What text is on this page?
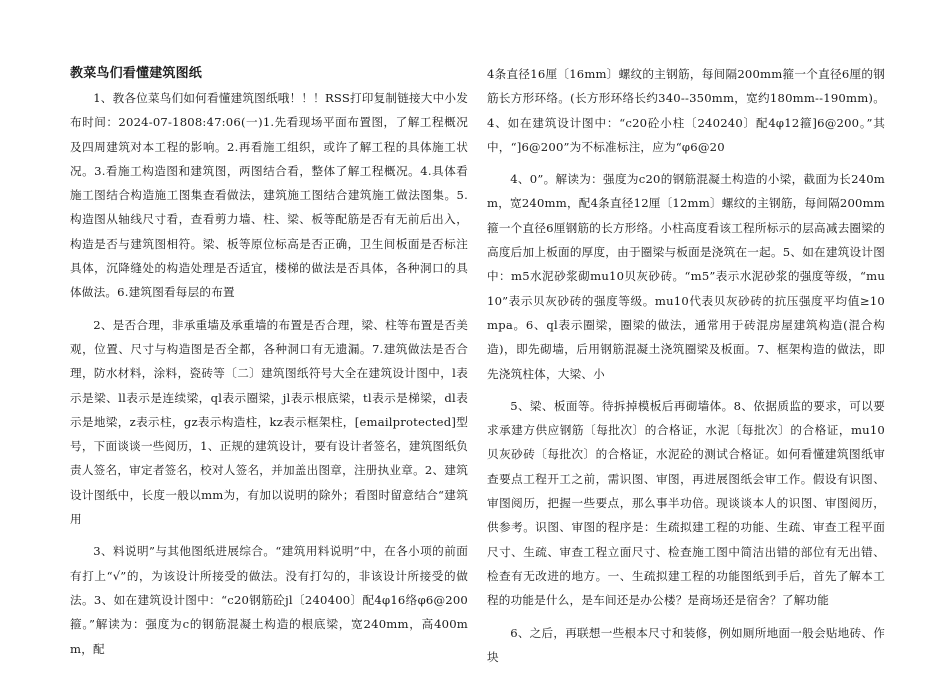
教菜鸟们看懂建筑图纸

1、教各位菜鸟们如何看懂建筑图纸哦！！！RSS打印复制链接大中小发布时间：2024-07-1808:47:06(一)1.先看现场平面布置图，了解工程概况及四周建筑对本工程的影响。2.再看施工组织，或许了解工程的具体施工状况。3.看施工构造图和建筑图，两图结合看，整体了解工程概况。4.具体看施工图结合构造施工图集查看做法，建筑施工图结合建筑施工做法图集。5.构造图从轴线尺寸看，查看剪力墙、柱、梁、板等配筋是否有无前后出入，构造是否与建筑图相符。梁、板等原位标高是否正确，卫生间板面是否标注具体，沉降缝处的构造处理是否适宜，楼梯的做法是否具体，各种洞口的具体做法。6.建筑图看每层的布置

2、是否合理，非承重墙及承重墙的布置是否合理，梁、柱等布置是否美观，位置、尺寸与构造图是否全都，各种洞口有无遗漏。7.建筑做法是否合理，防水材料，涂料，瓷砖等〔二〕建筑图纸符号大全在建筑设计图中，l表示是梁、ll表示是连续梁，ql表示圈梁，jl表示根底梁，tl表示是梯梁，dl表示是地梁，z表示柱，gz表示构造柱，kz表示框架柱，[emailprotected]型号，下面谈谈一些阅历，1、正规的建筑设计，要有设计者签名，建筑图纸负责人签名，审定者签名，校对人签名，并加盖出图章，注册执业章。2、建筑设计图纸中，长度一般以mm为，有加以说明的除外；看图时留意结合“建筑用

3、料说明”与其他图纸进展综合。“建筑用料说明”中，在各小项的前面有打上“√”的，为该设计所接受的做法。没有打勾的，非该设计所接受的做法。3、如在建筑设计图中：“c20钢筋砼jl〔240400〕配4φ16络φ6@200箍。”解读为：强度为c的钢筋混凝土构造的根底梁，宽240mm，高400mm，配

4条直径16厘〔16mm〕螺纹的主钢筋，每间隔200mm箍一个直径6厘的钢筋长方形环络。(长方形环络长约340--350mm，宽约180mm--190mm)。4、如在建筑设计图中：“c20砼小柱〔240240〕配4φ12箍]6@200。”其中，“]6@200”为不标准标注，应为“φ6@20

4、0”。解读为：强度为c20的钢筋混凝土构造的小梁，截面为长240mm，宽240mm，配4条直径12厘〔12mm〕螺纹的主钢筋，每间隔200mm箍一个直径6厘钢筋的长方形络。小柱高度看该工程所标示的层高减去圈梁的高度后加上板面的厚度，由于圈梁与板面是浇筑在一起。5、如在建筑设计图中：m5水泥砂浆砌mu10贝灰砂砖。“m5”表示水泥砂浆的强度等级，“mu10”表示贝灰砂砖的强度等级。mu10代表贝灰砂砖的抗压强度平均值≥10mpa。6、ql表示圈梁，圈梁的做法，通常用于砖混房屋建筑构造(混合构造)，即先砌墙，后用钢筋混凝土浇筑圈梁及板面。7、框架构造的做法，即先浇筑柱体，大梁、小

5、梁、板面等。待拆掉模板后再砌墙体。8、依据质监的要求，可以要求承建方供应钢筋〔每批次〕的合格证，水泥〔每批次〕的合格证，mu10贝灰砂砖〔每批次〕的合格证，水泥砼的测试合格证。如何看懂建筑图纸审查要点工程开工之前，需识图、审图，再进展图纸会审工作。假设有识图、审图阅历，把握一些要点，那么事半功倍。现谈谈本人的识图、审图阅历，供参考。识图、审图的程序是：生疏拟建工程的功能、生疏、审查工程平面尺寸、生疏、审查工程立面尺寸、检查施工图中简洁出错的部位有无出错、检查有无改进的地方。一、生疏拟建工程的功能图纸到手后，首先了解本工程的功能是什么，是车间还是办公楼？是商场还是宿舍？了解功能

6、之后，再联想一些根本尺寸和装修，例如厕所地面一般会贴地砖、作块
